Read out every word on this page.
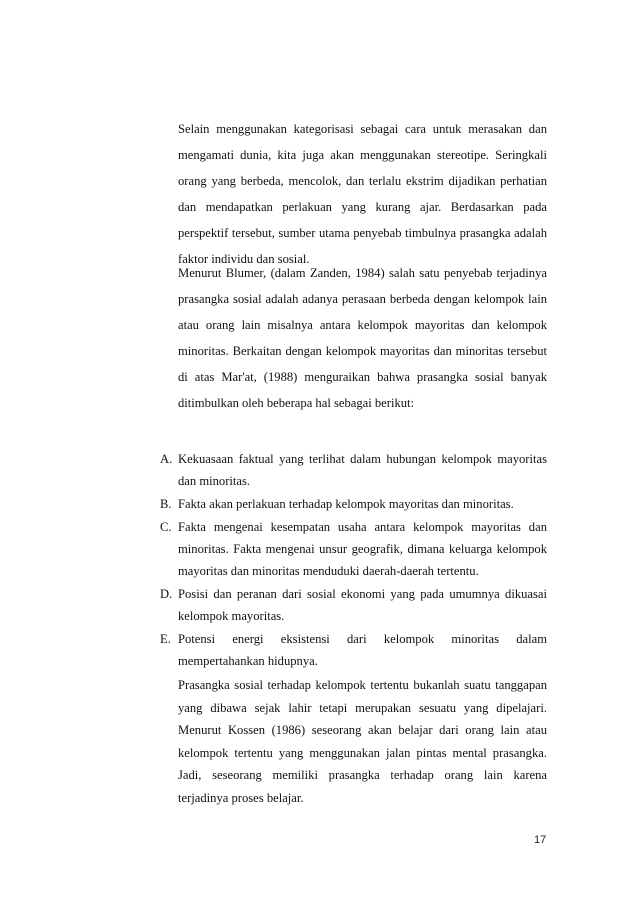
Selain menggunakan kategorisasi sebagai cara untuk merasakan dan mengamati dunia, kita juga akan menggunakan stereotipe. Seringkali orang yang berbeda, mencolok, dan terlalu ekstrim dijadikan perhatian dan mendapatkan perlakuan yang kurang ajar. Berdasarkan pada perspektif tersebut, sumber utama penyebab timbulnya prasangka adalah faktor individu dan sosial.

Menurut Blumer, (dalam Zanden, 1984) salah satu penyebab terjadinya prasangka sosial adalah adanya perasaan berbeda dengan kelompok lain atau orang lain misalnya antara kelompok mayoritas dan kelompok minoritas. Berkaitan dengan kelompok mayoritas dan minoritas tersebut di atas Mar'at, (1988) menguraikan bahwa prasangka sosial banyak ditimbulkan oleh beberapa hal sebagai berikut:

A. Kekuasaan faktual yang terlihat dalam hubungan kelompok mayoritas dan minoritas.
B. Fakta akan perlakuan terhadap kelompok mayoritas dan minoritas.
C. Fakta mengenai kesempatan usaha antara kelompok mayoritas dan minoritas. Fakta mengenai unsur geografik, dimana keluarga kelompok mayoritas dan minoritas menduduki daerah-daerah tertentu.
D. Posisi dan peranan dari sosial ekonomi yang pada umumnya dikuasai kelompok mayoritas.
E. Potensi energi eksistensi dari kelompok minoritas dalam
mempertahankan hidupnya.

Prasangka sosial terhadap kelompok tertentu bukanlah suatu tanggapan yang dibawa sejak lahir tetapi merupakan sesuatu yang dipelajari. Menurut Kossen (1986) seseorang akan belajar dari orang lain atau kelompok tertentu yang menggunakan jalan pintas mental prasangka. Jadi, seseorang memiliki prasangka terhadap orang lain karena terjadinya proses belajar.

17
